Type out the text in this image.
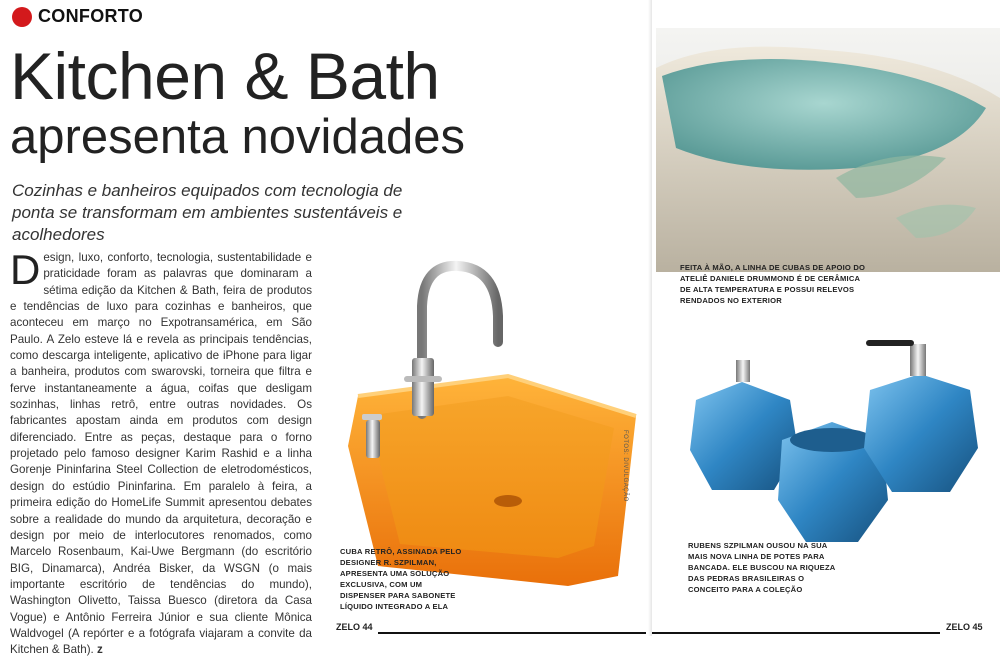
CONFORTO
Kitchen & Bath
apresenta novidades
Cozinhas e banheiros equipados com tecnologia de ponta se transformam em ambientes sustentáveis e acolhedores
Design, luxo, conforto, tecnologia, sustentabilidade e praticidade foram as palavras que dominaram a sétima edição da Kitchen & Bath, feira de produtos e tendências de luxo para cozinhas e banheiros, que aconteceu em março no Expotransamérica, em São Paulo. A Zelo esteve lá e revela as principais tendências, como descarga inteligente, aplicativo de iPhone para ligar a banheira, produtos com swarovski, torneira que filtra e ferve instantaneamente a água, coifas que desligam sozinhas, linhas retrô, entre outras novidades. Os fabricantes apostam ainda em produtos com design diferenciado. Entre as peças, destaque para o forno projetado pelo famoso designer Karim Rashid e a linha Gorenje Pininfarina Steel Collection de eletrodomésticos, design do estúdio Pininfarina. Em paralelo à feira, a primeira edição do HomeLife Summit apresentou debates sobre a realidade do mundo da arquitetura, decoração e design por meio de interlocutores renomados, como Marcelo Rosenbaum, Kai-Uwe Bergmann (do escritório BIG, Dinamarca), Andréa Bisker, da WSGN (o mais importante escritório de tendências do mundo), Washington Olivetto, Taissa Buesco (diretora da Casa Vogue) e Antônio Ferreira Júnior e sua cliente Mônica Waldvogel (A repórter e a fotógrafa viajaram a convite da Kitchen & Bath). z
FOTOS: DIVULGAÇÃO
CUBA RETRÔ, ASSINADA PELO DESIGNER R. SZPILMAN, APRESENTA UMA SOLUÇÃO EXCLUSIVA, COM UM DISPENSER PARA SABONETE LÍQUIDO INTEGRADO A ELA
ZELO 44
FEITA À MÃO, A LINHA DE CUBAS DE APOIO DO ATELIÊ DANIELE DRUMMOND É DE CERÂMICA DE ALTA TEMPERATURA E POSSUI RELEVOS RENDADOS NO EXTERIOR
RUBENS SZPILMAN OUSOU NA SUA MAIS NOVA LINHA DE POTES PARA BANCADA. ELE BUSCOU NA RIQUEZA DAS PEDRAS BRASILEIRAS O CONCEITO PARA A COLEÇÃO
ZELO 45
